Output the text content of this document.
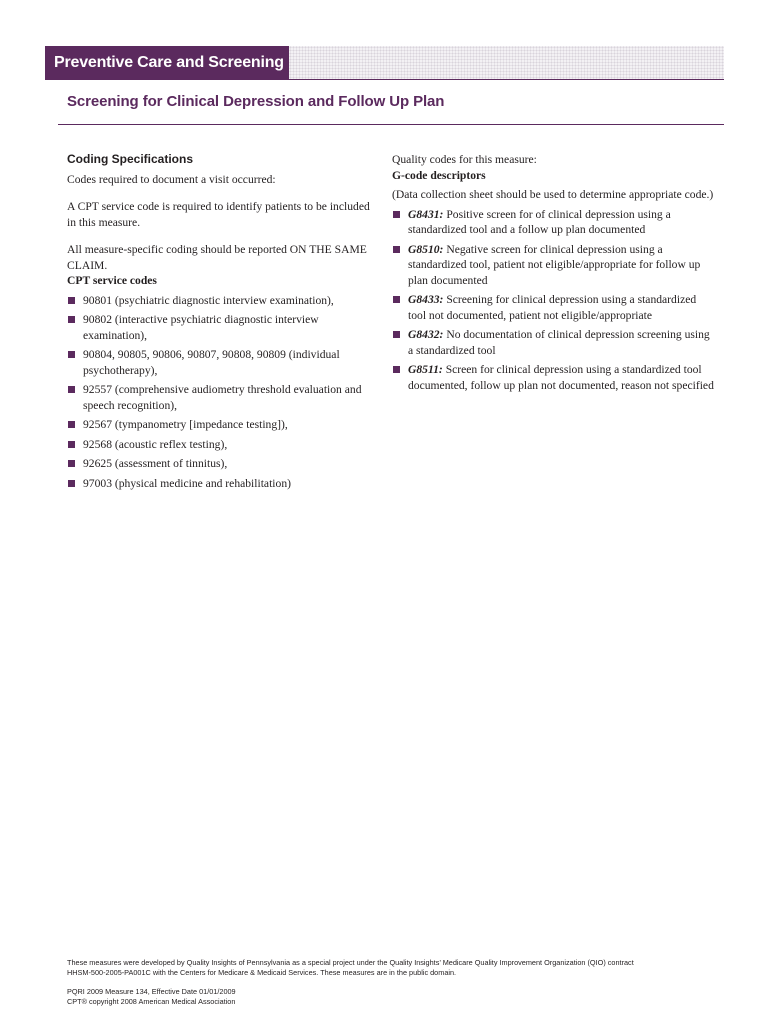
Preventive Care and Screening
Screening for Clinical Depression and Follow Up Plan
Coding Specifications

Codes required to document a visit occurred:

A CPT service code is required to identify patients to be included in this measure.

All measure-specific coding should be reported ON THE SAME CLAIM.

CPT service codes

90801 (psychiatric diagnostic interview examination),
90802 (interactive psychiatric diagnostic interview examination),
90804, 90805, 90806, 90807, 90808, 90809 (individual psychotherapy),
92557 (comprehensive audiometry threshold evaluation and speech recognition),
92567 (tympanometry [impedance testing]),
92568 (acoustic reflex testing),
92625 (assessment of tinnitus),
97003 (physical medicine and rehabilitation)

Quality codes for this measure:

G-code descriptors

(Data collection sheet should be used to determine appropriate code.)

G8431: Positive screen for of clinical depression using a standardized tool and a follow up plan documented
G8510: Negative screen for clinical depression using a standardized tool, patient not eligible/appropriate for follow up plan documented
G8433: Screening for clinical depression using a standardized tool not documented, patient not eligible/appropriate
G8432: No documentation of clinical depression screening using a standardized tool
G8511: Screen for clinical depression using a standardized tool documented, follow up plan not documented, reason not specified

These measures were developed by Quality Insights of Pennsylvania as a special project under the Quality Insights’ Medicare Quality Improvement Organization (QIO) contract

HHSM-500-2005-PA001C with the Centers for Medicare & Medicaid Services. These measures are in the public domain.

PQRI 2009 Measure 134, Effective Date 01/01/2009

CPT® copyright 2008 American Medical Association
